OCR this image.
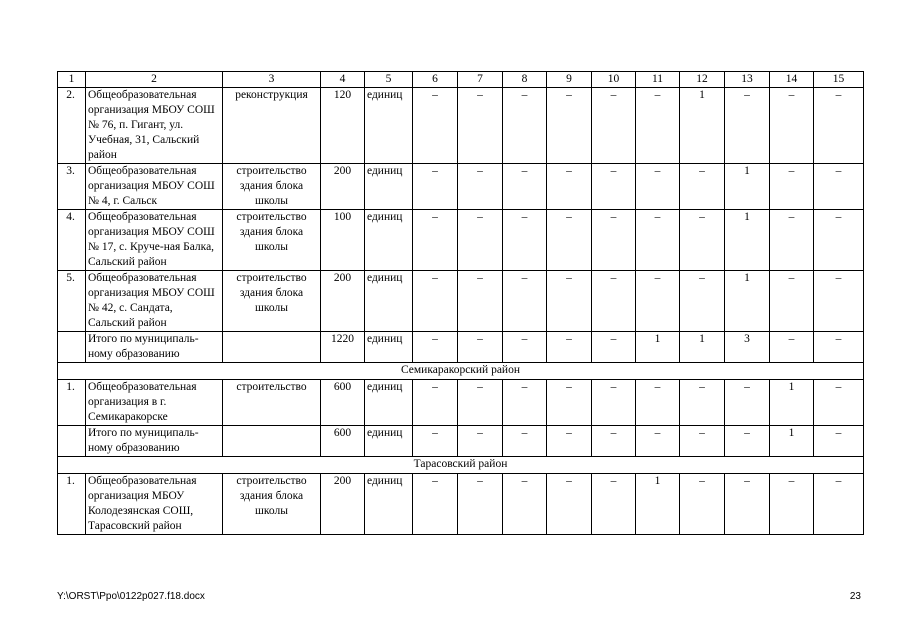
1	2	3	4	5	6	7	8	9	10	11	12	13	14	15
2.	Общеобразовательная организация МБОУ СОШ № 76, п. Гигант, ул. Учебная, 31, Сальский район	реконструкция	120	единиц	–	–	–	–	–	–	1	–	–	–
3.	Общеобразовательная организация МБОУ СОШ № 4, г. Сальск	строительство здания блока школы	200	единиц	–	–	–	–	–	–	–	1	–	–
4.	Общеобразовательная организация МБОУ СОШ № 17, с. Круче-ная Балка, Сальский район	строительство здания блока школы	100	единиц	–	–	–	–	–	–	–	1	–	–
5.	Общеобразовательная организация МБОУ СОШ № 42, с. Сандата, Сальский район	строительство здания блока школы	200	единиц	–	–	–	–	–	–	–	1	–	–
	Итого по муниципаль-ному образованию		1220	единиц	–	–	–	–	–	1	1	3	–	–
Семикаракорский район														
1.	Общеобразовательная организация в г. Семикаракорске	строительство	600	единиц	–	–	–	–	–	–	–	–	1	–
	Итого по муниципаль-ному образованию		600	единиц	–	–	–	–	–	–	–	–	1	–
Тарасовский район														
1.	Общеобразовательная организация МБОУ Колодезянская СОШ, Тарасовский район	строительство здания блока школы	200	единиц	–	–	–	–	–	1	–	–	–	–
Y:\ORST\Ppo\0122p027.f18.docx	23
